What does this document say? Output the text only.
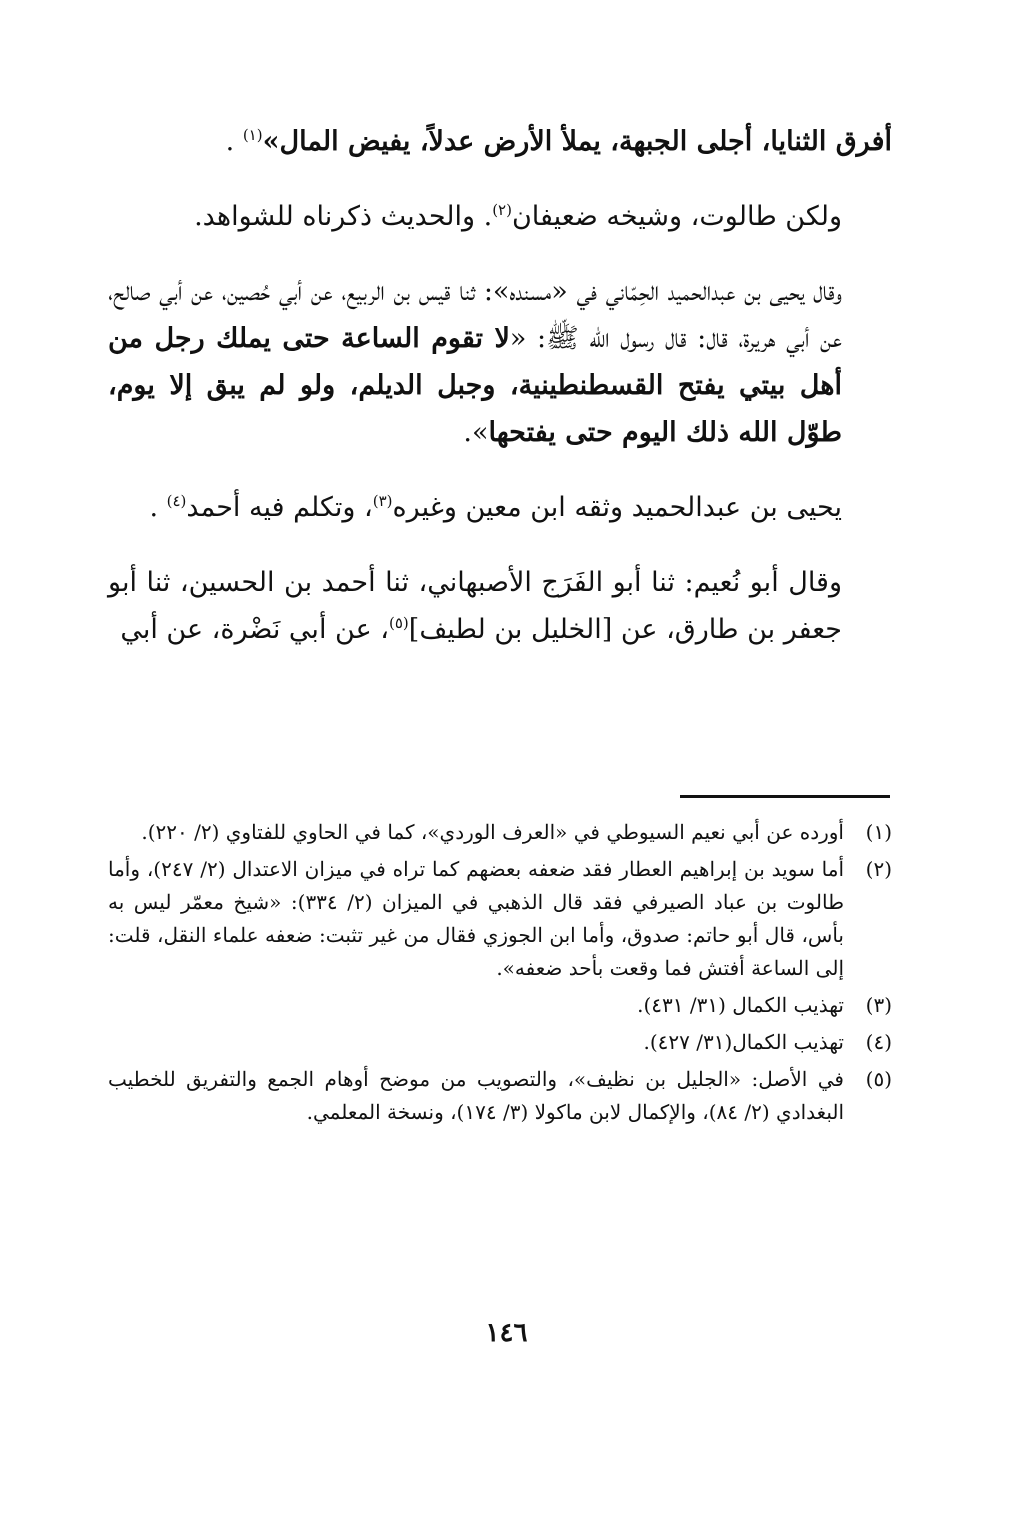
أفرق الثنايا، أجلى الجبهة، يملأ الأرض عدلاً، يفيض المال»$^{(١)}$ .

ولكن طالوت، وشيخه ضعيفان$^{(٢)}$. والحديث ذكرناه للشواهد.

وقال يحيى بن عبدالحميد الحِمّاني في «مسنده»: ثنا قيس بن الربيع، عن أبي حُصين، عن أبي صالح، عن أبي هريرة، قال: قال رسول الله ﷺ: «لا تقوم الساعة حتى يملك رجل من أهل بيتي يفتح القسطنطينية، وجبل الديلم، ولو لم يبق إلا يوم، طوّل الله ذلك اليوم حتى يفتحها».

يحيى بن عبدالحميد وثقه ابن معين وغيره$^{(٣)}$، وتكلم فيه أحمد$^{(٤)}$ .

وقال أبو نُعيم: ثنا أبو الفَرَج الأصبهاني، ثنا أحمد بن الحسين، ثنا أبو جعفر بن طارق، عن [الخليل بن لطيف]$^{(٥)}$، عن أبي نَضْرة، عن أبي

(١)
أورده عن أبي نعيم السيوطي في «العرف الوردي»، كما في الحاوي للفتاوي (٢/ ٢٢٠).
(٢)
أما سويد بن إبراهيم العطار فقد ضعفه بعضهم كما تراه في ميزان الاعتدال (٢/ ٢٤٧)، وأما طالوت بن عباد الصيرفي فقد قال الذهبي في الميزان (٢/ ٣٣٤): «شيخ معمّر ليس به بأس، قال أبو حاتم: صدوق، وأما ابن الجوزي فقال من غير تثبت: ضعفه علماء النقل، قلت: إلى الساعة أفتش فما وقعت بأحد ضعفه».
(٣)
تهذيب الكمال (٣١/ ٤٣١).
(٤)
تهذيب الكمال(٣١/ ٤٢٧).
(٥)
في الأصل: «الجليل بن نظيف»، والتصويب من موضح أوهام الجمع والتفريق للخطيب البغدادي (٢/ ٨٤)، والإكمال لابن ماكولا (٣/ ١٧٤)، ونسخة المعلمي.
١٤٦
